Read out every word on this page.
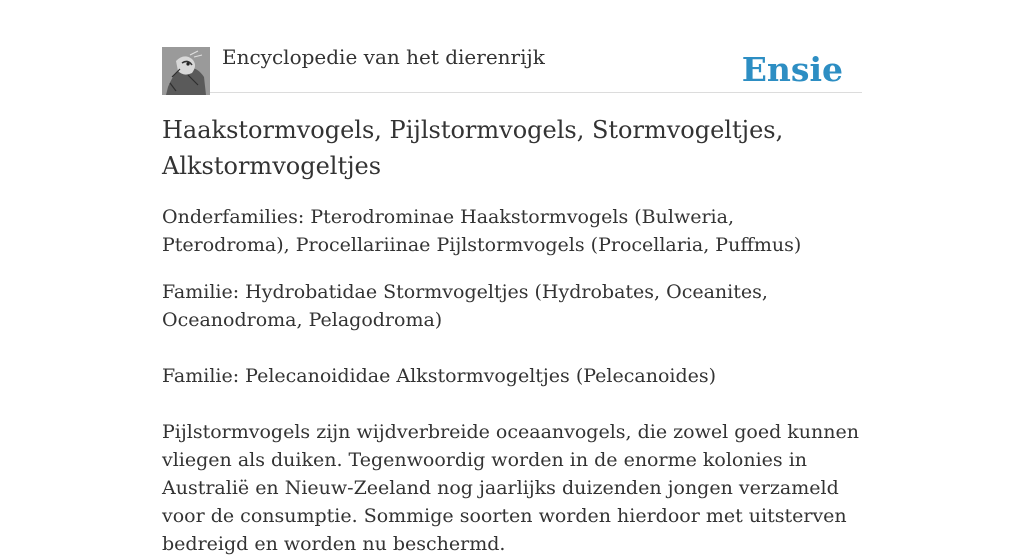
Encyclopedie van het dierenrijk	Ensie
Haakstormvogels, Pijlstormvogels, Stormvogeltjes, Alkstormvogeltjes

Onderfamilies: Pterodrominae Haakstormvogels (Bulweria, Pterodroma), Procellariinae Pijlstormvogels (Procellaria, Puffmus)

Familie: Hydrobatidae Stormvogeltjes (Hydrobates, Oceanites, Oceanodroma, Pelagodroma)

Familie: Pelecanoididae Alkstormvogeltjes (Pelecanoides)

Pijlstormvogels zijn wijdverbreide oceaanvogels, die zowel goed kunnen vliegen als duiken. Tegenwoordig worden in de enorme kolonies in Australië en Nieuw-Zeeland nog jaarlijks duizenden jongen verzameld voor de consumptie. Sommige soorten worden hierdoor met uitsterven bedreigd en worden nu beschermd.
